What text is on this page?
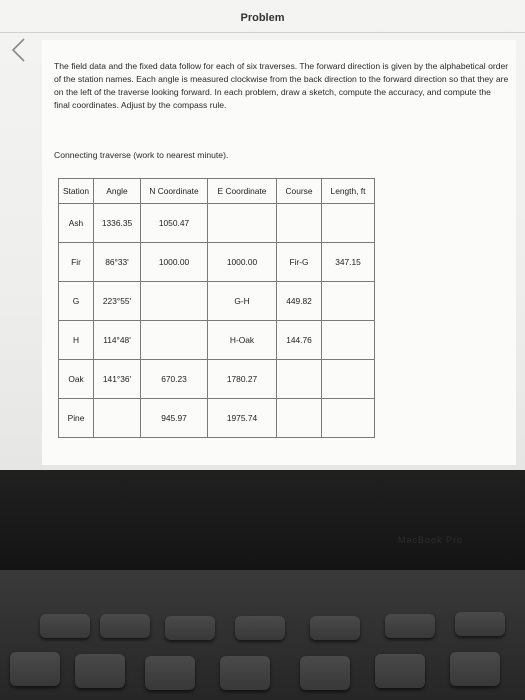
Problem
The field data and the fixed data follow for each of six traverses. The forward direction is given by the alphabetical order of the station names. Each angle is measured clockwise from the back direction to the forward direction so that they are on the left of the traverse looking forward. In each problem, draw a sketch, compute the accuracy, and compute the final coordinates. Adjust by the compass rule.
Connecting traverse (work to nearest minute).
Station	Angle	N Coordinate	E Coordinate	Course	Length, ft
Ash	1336.35	1050.47			
Fir	86°33'	1000.00	1000.00	Fir-G	347.15
G	223°55'		G-H	449.82	
H	114°48'		H-Oak	144.76	
Oak	141°36'	670.23	1780.27		
Pine		945.97	1975.74		
MacBook Pro
